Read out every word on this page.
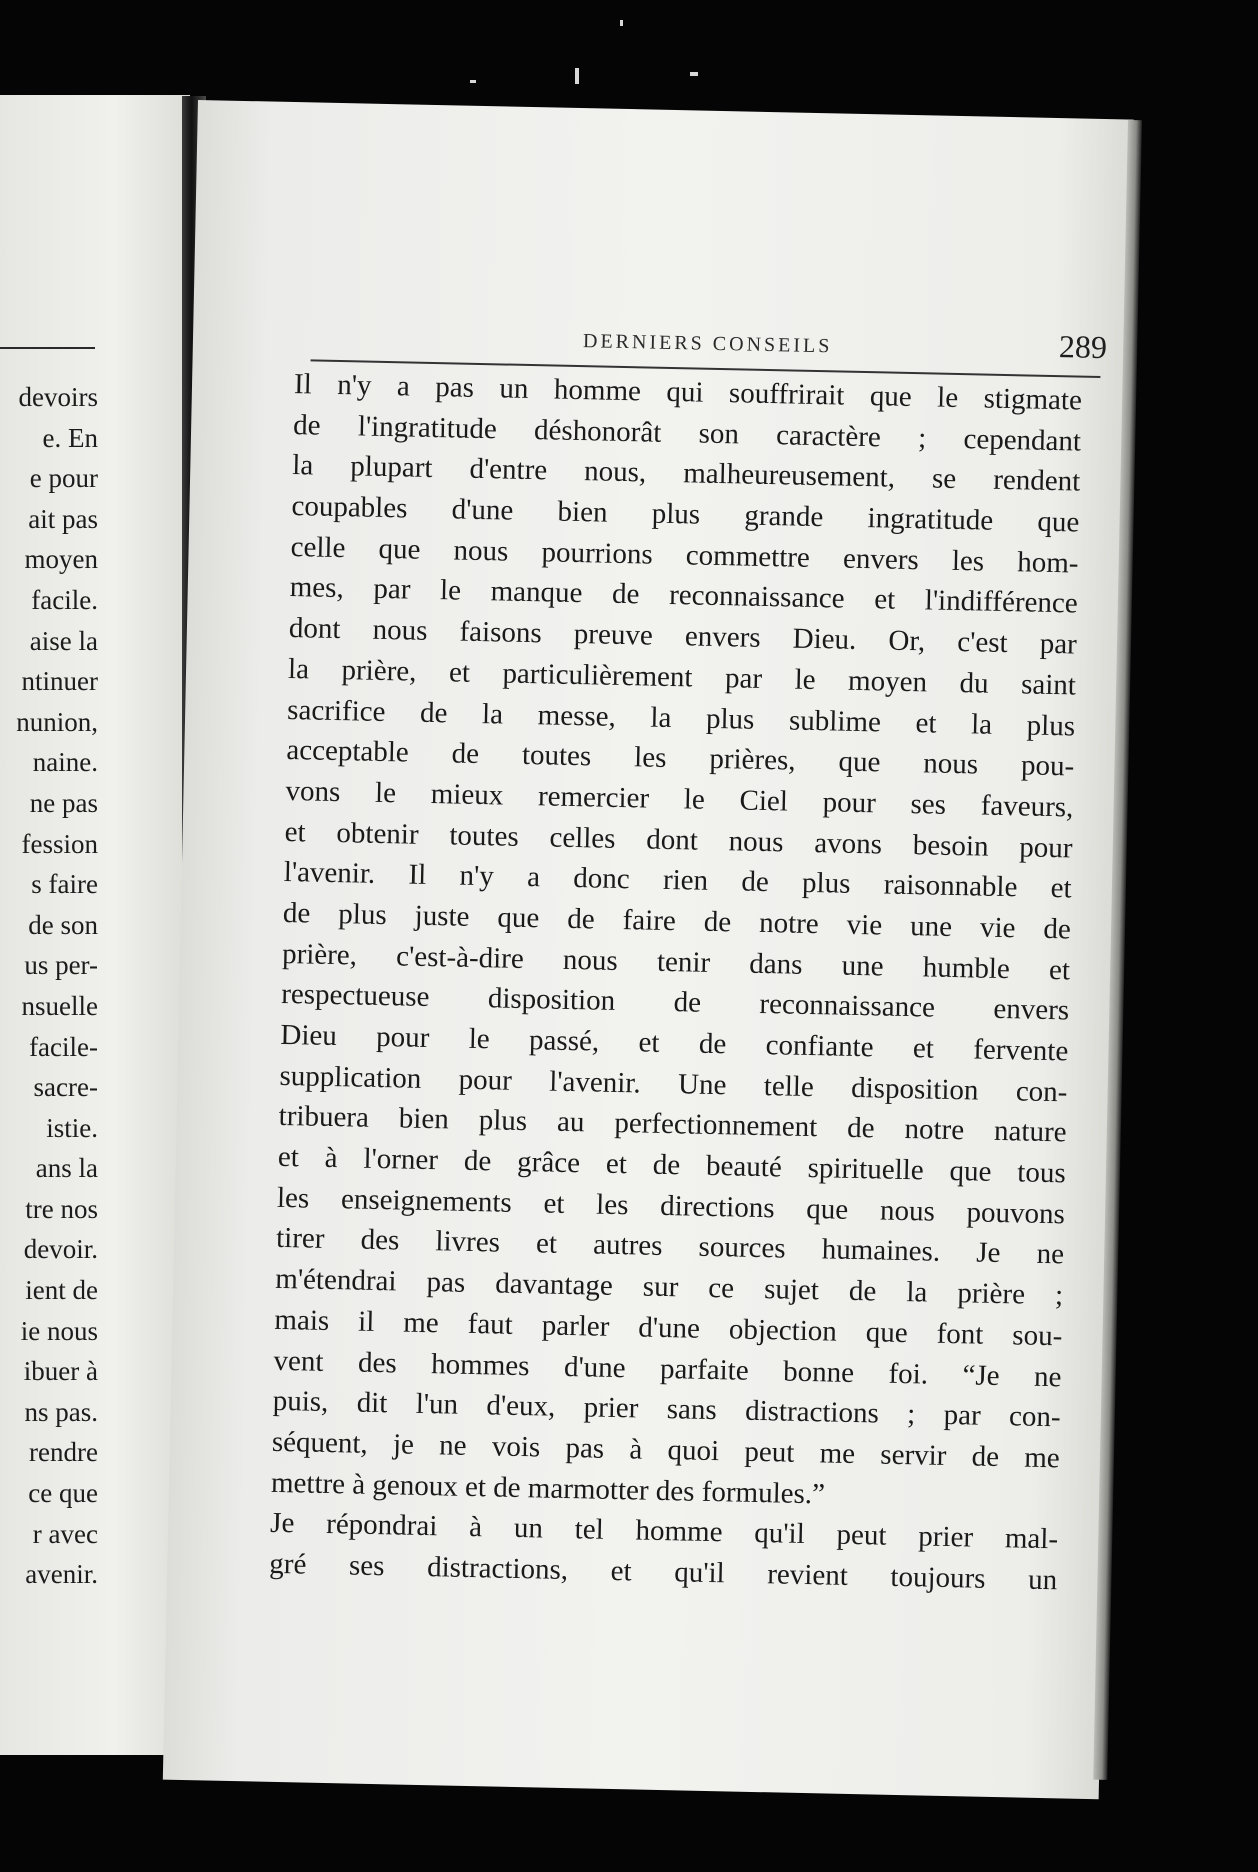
devoirs
e. En
e pour
ait pas
moyen
facile.
aise la
ntinuer
nunion,
naine.
ne pas
fession
s faire
de son
us per-
nsuelle
facile-
sacre-
istie.
ans la
tre nos
devoir.
ient de
ie nous
ibuer à
ns pas.
rendre
ce que
r avec
avenir.
DERNIERS CONSEILS	289
Il n'y a pas un homme qui souffrirait que le stigmate
de l'ingratitude déshonorât son caractère ; cependant
la plupart d'entre nous, malheureusement, se rendent
coupables d'une bien plus grande ingratitude que
celle que nous pourrions commettre envers les hom-
mes, par le manque de reconnaissance et l'indifférence
dont nous faisons preuve envers Dieu. Or, c'est par
la prière, et particulièrement par le moyen du saint
sacrifice de la messe, la plus sublime et la plus
acceptable de toutes les prières, que nous pou-
vons le mieux remercier le Ciel pour ses faveurs,
et obtenir toutes celles dont nous avons besoin pour
l'avenir. Il n'y a donc rien de plus raisonnable et
de plus juste que de faire de notre vie une vie de
prière, c'est-à-dire nous tenir dans une humble et
respectueuse disposition de reconnaissance envers
Dieu pour le passé, et de confiante et fervente
supplication pour l'avenir. Une telle disposition con-
tribuera bien plus au perfectionnement de notre nature
et à l'orner de grâce et de beauté spirituelle que tous
les enseignements et les directions que nous pouvons
tirer des livres et autres sources humaines. Je ne
m'étendrai pas davantage sur ce sujet de la prière ;
mais il me faut parler d'une objection que font sou-
vent des hommes d'une parfaite bonne foi. “Je ne
puis, dit l'un d'eux, prier sans distractions ; par con-
séquent, je ne vois pas à quoi peut me servir de me
mettre à genoux et de marmotter des formules.”
Je répondrai à un tel homme qu'il peut prier mal-
gré ses distractions, et qu'il revient toujours un
